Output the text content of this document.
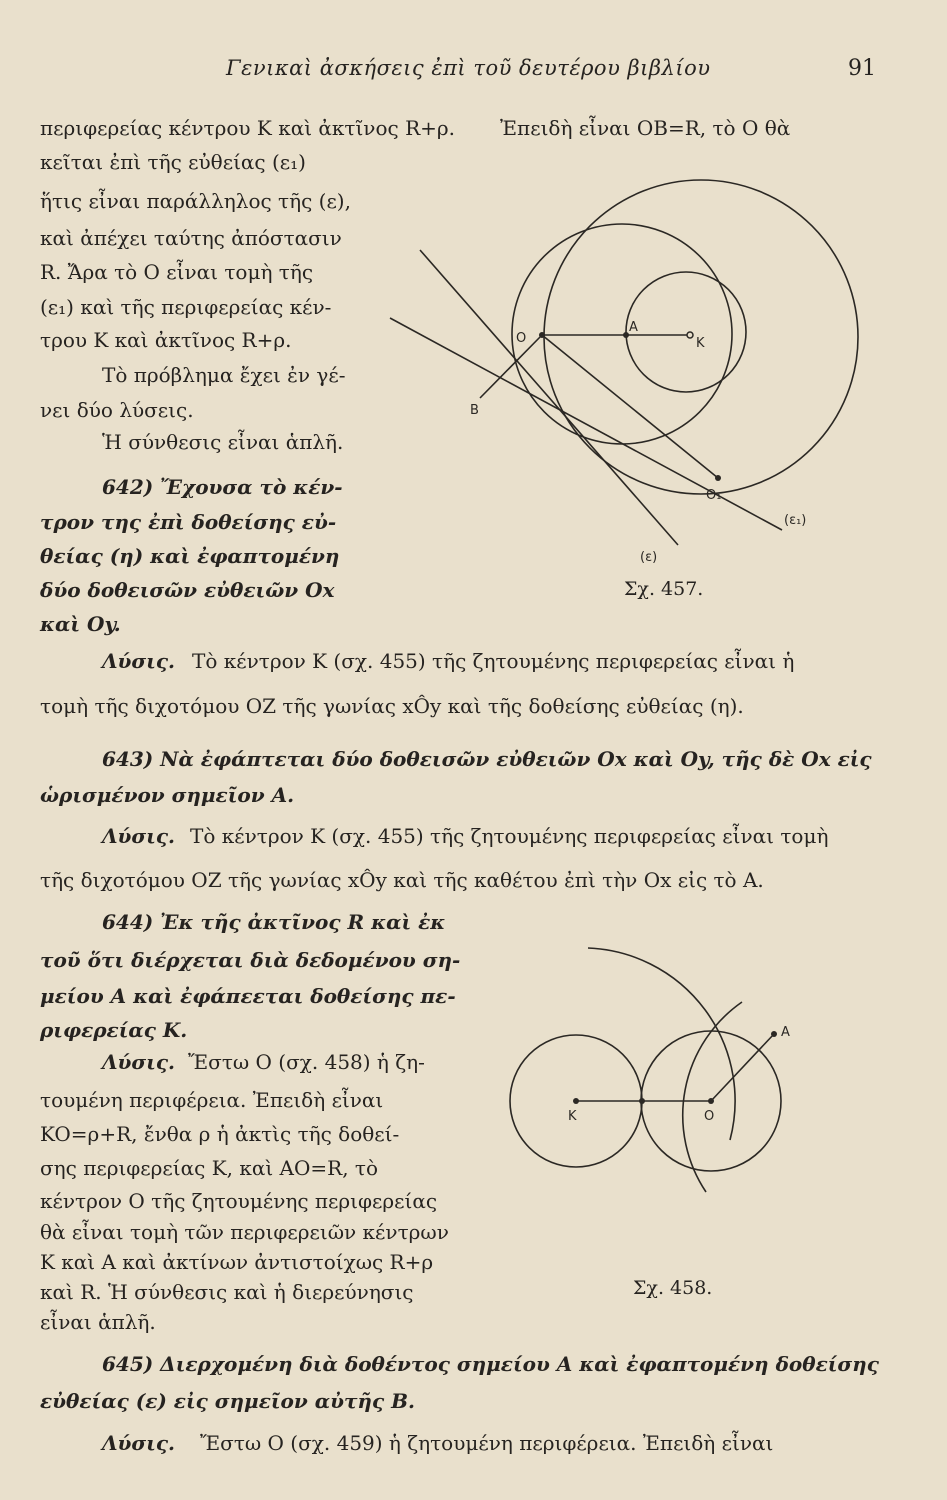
Γενικαὶ ἀσκήσεις ἐπὶ τοῦ δευτέρου βιβλίου	91
περιφερείας κέντρου Κ καὶ ἀκτῖνος R+ρ. Ἐπειδὴ εἶναι OB=R, τὸ O θὰ
κεῖται ἐπὶ τῆς εὐθείας (ε₁)
ἥτις εἶναι παράλληλος τῆς (ε),
καὶ ἀπέχει ταύτης ἀπόστασιν
R. Ἄρα τὸ O εἶναι τομὴ τῆς
(ε₁) καὶ τῆς περιφερείας κέν-
τρου Κ καὶ ἀκτῖνος R+ρ.
Τὸ πρόβλημα ἔχει ἐν γέ-
νει δύο λύσεις.
Ἡ σύνθεσις εἶναι ἁπλῆ.
642) Ἔχουσα τὸ κέν-
τρον της ἐπὶ δοθείσης εὐ-
θείας (η) καὶ ἐφαπτομένη
δύο δοθεισῶν εὐθειῶν Ox
καὶ Oy.
Λύσις. Τὸ κέντρον Κ (σχ. 455) τῆς ζητουμένης περιφερείας εἶναι ἡ
τομὴ τῆς διχοτόμου ΟΖ τῆς γωνίας xÔy καὶ τῆς δοθείσης εὐθείας (η).
643) Νὰ ἐφάπτεται δύο δοθεισῶν εὐθειῶν Ox καὶ Oy, τῆς δὲ Ox εἰς
ὡρισμένον σημεῖον Α.
Λύσις. Τὸ κέντρον Κ (σχ. 455) τῆς ζητουμένης περιφερείας εἶναι τομὴ
τῆς διχοτόμου ΟΖ τῆς γωνίας xÔy καὶ τῆς καθέτου ἐπὶ τὴν Ox εἰς τὸ Α.
644) Ἐκ τῆς ἀκτῖνος R καὶ ἐκ
τοῦ ὅτι διέρχεται διὰ δεδομένου ση-
μείου Α καὶ ἐφάπεεται δοθείσης πε-
ριφερείας Κ.
Λύσις. Ἔστω O (σχ. 458) ἡ ζη-
τουμένη περιφέρεια. Ἐπειδὴ εἶναι
KO=ρ+R, ἔνθα ρ ἡ ἀκτὶς τῆς δοθεί-
σης περιφερείας Κ, καὶ ΑΟ=R, τὸ
κέντρον Ο τῆς ζητουμένης περιφερείας
θὰ εἶναι τομὴ τῶν περιφερειῶν κέντρων
Κ καὶ Α καὶ ἀκτίνων ἀντιστοίχως R+ρ
καὶ R. Ἡ σύνθεσις καὶ ἡ διερεύνησις
εἶναι ἁπλῆ.
645) Διερχομένη διὰ δοθέντος σημείου Α καὶ ἐφαπτομένη δοθείσης
εὐθείας (ε) εἰς σημεῖον αὐτῆς Β.
Λύσις. Ἔστω O (σχ. 459) ἡ ζητουμένη περιφέρεια. Ἐπειδὴ εἶναι
O
A
K
B
O₁
(ε₁)
(ε)
Σχ. 457.
K	O
A
Σχ. 458.
